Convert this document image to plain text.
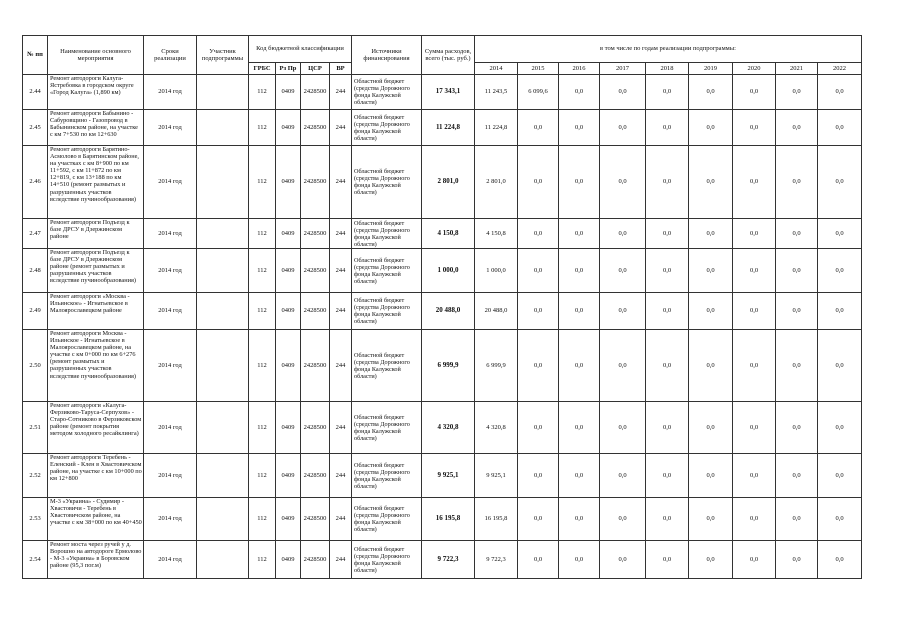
№ пп	Наименование основного мероприятия	Сроки реализации	Участник подпрограммы	Код бюджетной классификации				Источники финансирования	Сумма расходов, всего (тыс. руб.)	в том числе по годам реализации подпрограммы:								
				ГРБС	Рз Пр	ЦСР	ВР			2014	2015	2016	2017	2018	2019	2020	2021	2022
2.44	Ремонт автодороги Калуга-Ястребовка в городском округе «Город Калуга» (1,890 км)	2014 год		112	0409	2428500	244	Областной бюджет (средства Дорожного фонда Калужской области)	17 343,1	11 243,5	6 099,6	0,0	0,0	0,0	0,0	0,0	0,0	0,0
2.45	Ремонт автодороги Бабынино - Сабуровщино - Газопровод в Бабынинском районе, на участке с км 7+530 по км 12+630	2014 год		112	0409	2428500	244	Областной бюджет (средства Дорожного фонда Калужской области)	11 224,8	11 224,8	0,0	0,0	0,0	0,0	0,0	0,0	0,0	0,0
2.46	Ремонт автодороги Барятино-Асмолово в Барятинском районе, на участках с км 8+900 по км 11+592, с км 11+872 по км 12+819, с км 13+188 по км 14+510 (ремонт размытых и разрушенных участков вследствие пучинообразования)	2014 год		112	0409	2428500	244	Областной бюджет (средства Дорожного фонда Калужской области)	2 801,0	2 801,0	0,0	0,0	0,0	0,0	0,0	0,0	0,0	0,0
2.47	Ремонт автодороги Подъезд к базе ДРСУ в Дзержинском районе	2014 год		112	0409	2428500	244	Областной бюджет (средства Дорожного фонда Калужской области)	4 150,8	4 150,8	0,0	0,0	0,0	0,0	0,0	0,0	0,0	0,0
2.48	Ремонт автодороги Подъезд к базе ДРСУ в Дзержинском районе (ремонт размытых и разрушенных участков вследствие пучинообразования)	2014 год		112	0409	2428500	244	Областной бюджет (средства Дорожного фонда Калужской области)	1 000,0	1 000,0	0,0	0,0	0,0	0,0	0,0	0,0	0,0	0,0
2.49	Ремонт автодороги «Москва - Ильинское» - Игнатьевское в Малоярославецком районе	2014 год		112	0409	2428500	244	Областной бюджет (средства Дорожного фонда Калужской области)	20 488,0	20 488,0	0,0	0,0	0,0	0,0	0,0	0,0	0,0	0,0
2.50	Ремонт автодороги Москва - Ильинское - Игнатьевское в Малоярославецком районе, на участке с км 0+000 по км 6+276 (ремонт размытых и разрушенных участков вследствие пучинообразования)	2014 год		112	0409	2428500	244	Областной бюджет (средства Дорожного фонда Калужской области)	6 999,9	6 999,9	0,0	0,0	0,0	0,0	0,0	0,0	0,0	0,0
2.51	Ремонт автодороги «Калуга-Ферзиково-Таруса-Серпухов» - Старо-Сотниково в Ферзиковском районе (ремонт покрытия методом холодного ресайклинга)	2014 год		112	0409	2428500	244	Областной бюджет (средства Дорожного фонда Калужской области)	4 320,8	4 320,8	0,0	0,0	0,0	0,0	0,0	0,0	0,0	0,0
2.52	Ремонт автодороги Теребень - Еленский - Клен в Хвастовичском районе, на участке с км 10+000 по км 12+800	2014 год		112	0409	2428500	244	Областной бюджет (средства Дорожного фонда Калужской области)	9 925,1	9 925,1	0,0	0,0	0,0	0,0	0,0	0,0	0,0	0,0
2.53	М-3 «Украина» - Судимир - Хвастовичи - Теребень в Хвастовичском районе, на участке с км 38+000 по км 40+450	2014 год		112	0409	2428500	244	Областной бюджет (средства Дорожного фонда Калужской области)	16 195,8	16 195,8	0,0	0,0	0,0	0,0	0,0	0,0	0,0	0,0
2.54	Ремонт моста через ручей у д. Ворошно на автодороге Ермолово - М-3 «Украина» в Боровском районе (95,3 пог.м)	2014 год		112	0409	2428500	244	Областной бюджет (средства Дорожного фонда Калужской области)	9 722,3	9 722,3	0,0	0,0	0,0	0,0	0,0	0,0	0,0	0,0
